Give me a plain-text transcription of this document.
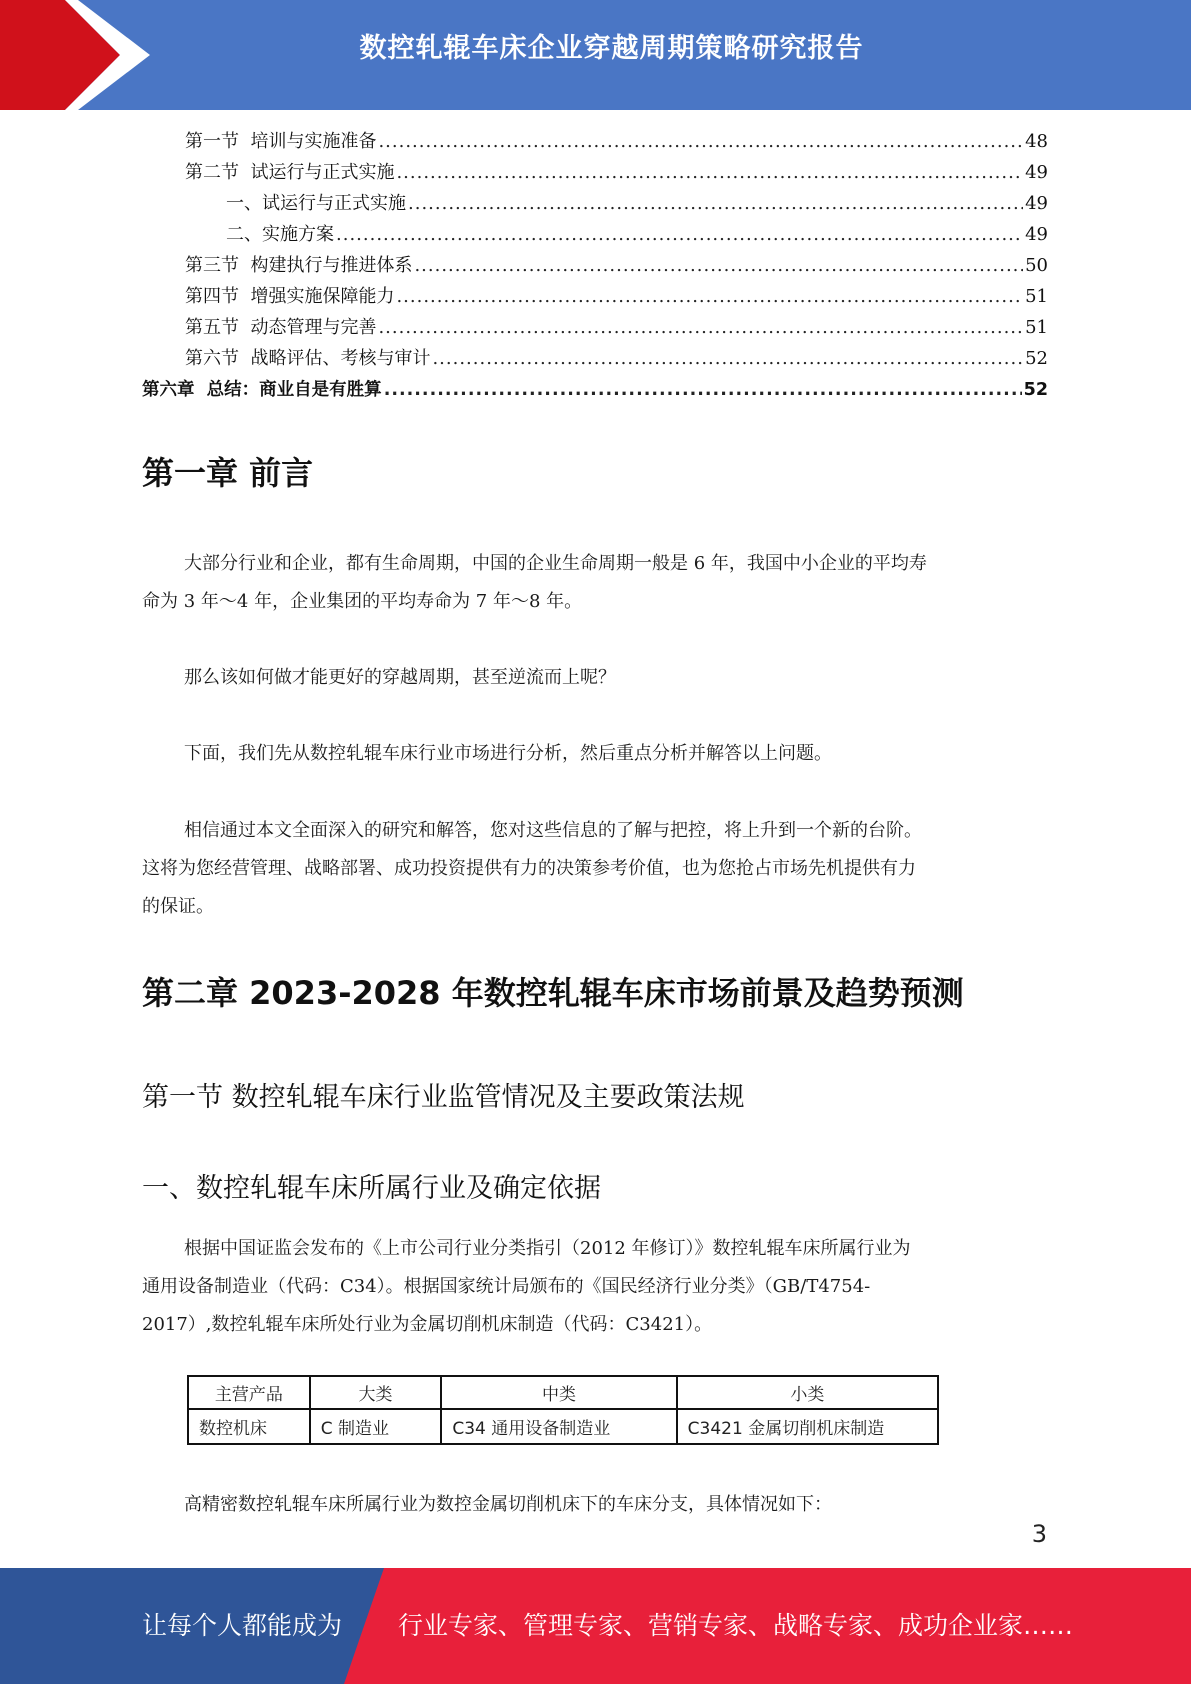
数控轧辊车床企业穿越周期策略研究报告
第一节  培训与实施准备 .....	48
第二节  试运行与正式实施 .....	49
一、试运行与正式实施 .....	49
二、实施方案 .....	49
第三节  构建执行与推进体系 .....	50
第四节  增强实施保障能力 .....	51
第五节  动态管理与完善 .....	51
第六节  战略评估、考核与审计 .....	52
第六章  总结：商业自是有胜算 .....	52
第一章 前言
大部分行业和企业，都有生命周期，中国的企业生命周期一般是 6 年，我国中小企业的平均寿
命为 3 年～4 年，企业集团的平均寿命为 7 年～8 年。
那么该如何做才能更好的穿越周期，甚至逆流而上呢？
下面，我们先从数控轧辊车床行业市场进行分析，然后重点分析并解答以上问题。
相信通过本文全面深入的研究和解答，您对这些信息的了解与把控，将上升到一个新的台阶。
这将为您经营管理、战略部署、成功投资提供有力的决策参考价值，也为您抢占市场先机提供有力
的保证。
第二章 2023-2028 年数控轧辊车床市场前景及趋势预测
第一节 数控轧辊车床行业监管情况及主要政策法规
一、数控轧辊车床所属行业及确定依据
根据中国证监会发布的《上市公司行业分类指引（2012 年修订）》数控轧辊车床所属行业为
通用设备制造业（代码：C34）。根据国家统计局颁布的《国民经济行业分类》（GB/T4754-
2017）,数控轧辊车床所处行业为金属切削机床制造（代码：C3421）。
主营产品	大类	中类	小类
数控机床	C 制造业	C34 通用设备制造业	C3421 金属切削机床制造
高精密数控轧辊车床所属行业为数控金属切削机床下的车床分支，具体情况如下：
3
让每个人都能成为 行业专家、管理专家、营销专家、战略专家、成功企业家……
